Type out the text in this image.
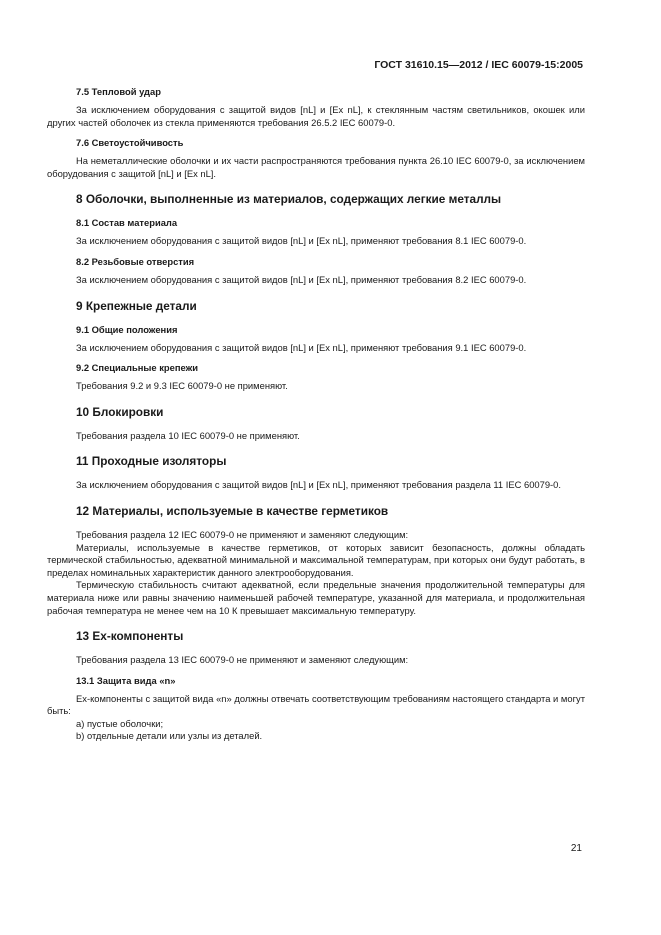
ГОСТ 31610.15—2012 / IEC 60079-15:2005
7.5 Тепловой удар

За исключением оборудования с защитой видов [nL] и [Ex nL], к стеклянным частям светильников, окошек или других частей оболочек из стекла применяются требования 26.5.2 IEC 60079-0.

7.6 Светоустойчивость

На неметаллические оболочки и их части распространяются требования пункта 26.10 IEC 60079-0, за исключением оборудования с защитой [nL] и [Ex nL].

8 Оболочки, выполненные из материалов, содержащих легкие металлы
8.1 Состав материала

За исключением оборудования с защитой видов [nL] и [Ex nL], применяют требования 8.1 IEC 60079-0.

8.2 Резьбовые отверстия

За исключением оборудования с защитой видов [nL] и [Ex nL], применяют требования 8.2 IEC 60079-0.

9 Крепежные детали
9.1 Общие положения

За исключением оборудования с защитой видов [nL] и [Ex nL], применяют требования 9.1 IEC 60079-0.

9.2 Специальные крепежи

Требования 9.2 и 9.3 IEC 60079-0 не применяют.

10 Блокировки

Требования раздела 10 IEC 60079-0 не применяют.

11 Проходные изоляторы

За исключением оборудования с защитой видов [nL] и [Ex nL], применяют требования раздела 11 IEC 60079-0.

12 Материалы, используемые в качестве герметиков

Требования раздела 12 IEC 60079-0 не применяют и заменяют следующим:

Материалы, используемые в качестве герметиков, от которых зависит безопасность, должны обладать термической стабильностью, адекватной минимальной и максимальной температурам, при которых они будут работать, в пределах номинальных характеристик данного электрооборудования.

Термическую стабильность считают адекватной, если предельные значения продолжительной температуры для материала ниже или равны значению наименьшей рабочей температуре, указанной для материала, и продолжительная рабочая температура не менее чем на 10 К превышает максимальную температуру.

13 Ex-компоненты

Требования раздела 13 IEC 60079-0 не применяют и заменяют следующим:

13.1 Защита вида «n»

Ex-компоненты с защитой вида «n» должны отвечать соответствующим требованиям настоящего стандарта и могут быть:

a) пустые оболочки;

b) отдельные детали или узлы из деталей.

21
